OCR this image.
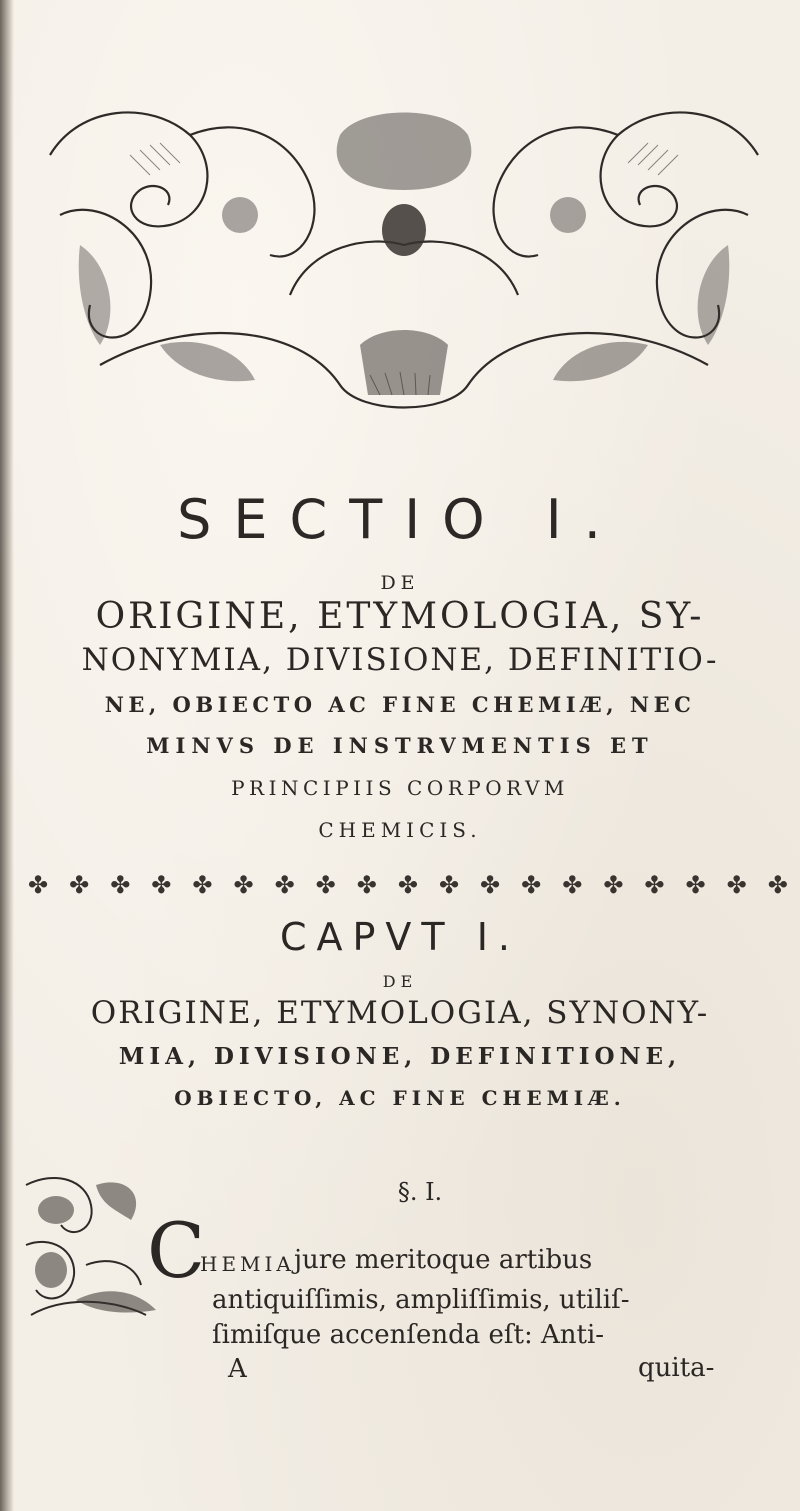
SECTIO I.
DE
ORIGINE, ETYMOLOGIA, SY-
NONYMIA, DIVISIONE, DEFINITIO-
NE, OBIECTO AC FINE CHEMIÆ, NEC
MINVS DE INSTRVMENTIS ET
PRINCIPIIS CORPORVM
CHEMICIS.
✤ ✤ ✤ ✤ ✤ ✤ ✤ ✤ ✤ ✤ ✤ ✤ ✤ ✤ ✤ ✤ ✤ ✤ ✤
CAPVT I.
DE
ORIGINE, ETYMOLOGIA, SYNONY-
MIA, DIVISIONE, DEFINITIONE,
OBIECTO, AC FINE CHEMIÆ.
§. I.
C
HEMIA jure meritoque artibus
antiquiſſimis, ampliſſimis, utiliſ-
ſimiſque accenſenda eſt: Anti-
A	quita-
